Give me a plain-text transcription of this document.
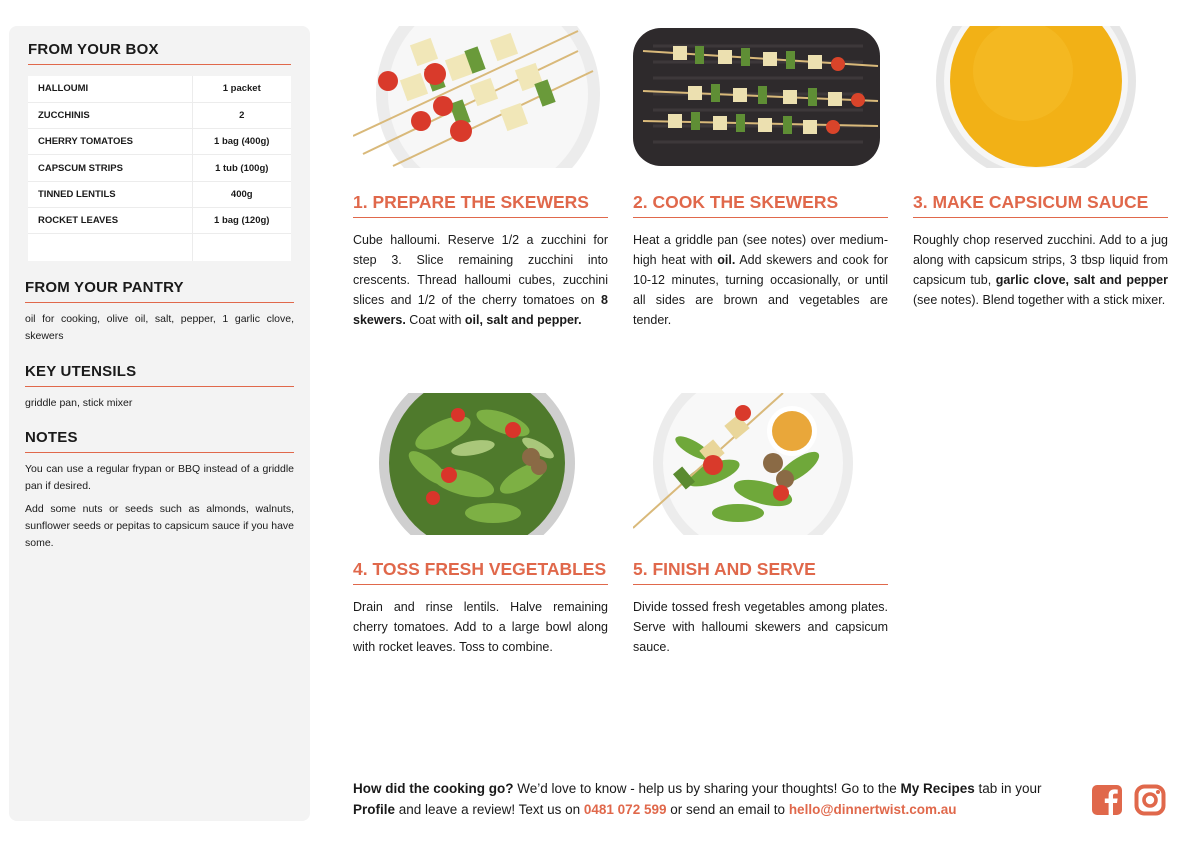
FROM YOUR BOX
HALLOUMI	1 packet
ZUCCHINIS	2
CHERRY TOMATOES	1 bag (400g)
CAPSCUM STRIPS	1 tub (100g)
TINNED LENTILS	400g
ROCKET LEAVES	1 bag (120g)

FROM YOUR PANTRY
oil for cooking, olive oil, salt, pepper, 1 garlic clove, skewers
KEY UTENSILS
griddle pan, stick mixer
NOTES
You can use a regular frypan or BBQ instead of a griddle pan if desired.
Add some nuts or seeds such as almonds, walnuts, sunflower seeds or pepitas to capsicum sauce if you have some.
1. PREPARE THE SKEWERS
Cube halloumi. Reserve 1/2 a zucchini for step 3. Slice remaining zucchini into crescents. Thread halloumi cubes, zucchini slices and 1/2 of the cherry tomatoes on 8 skewers. Coat with oil, salt and pepper.
2. COOK THE SKEWERS
Heat a griddle pan (see notes) over medium-high heat with oil. Add skewers and cook for 10-12 minutes, turning occasionally, or until all sides are brown and vegetables are tender.
3. MAKE CAPSICUM SAUCE
Roughly chop reserved zucchini. Add to a jug along with capsicum strips, 3 tbsp liquid from capsicum tub, garlic clove, salt and pepper (see notes). Blend together with a stick mixer.
4. TOSS FRESH VEGETABLES
Drain and rinse lentils. Halve remaining cherry tomatoes. Add to a large bowl along with rocket leaves. Toss to combine.
5. FINISH AND SERVE
Divide tossed fresh vegetables among plates. Serve with halloumi skewers and capsicum sauce.
How did the cooking go? We’d love to know - help us by sharing your thoughts! Go to the My Recipes tab in your Profile and leave a review! Text us on 0481 072 599 or send an email to hello@dinnertwist.com.au
